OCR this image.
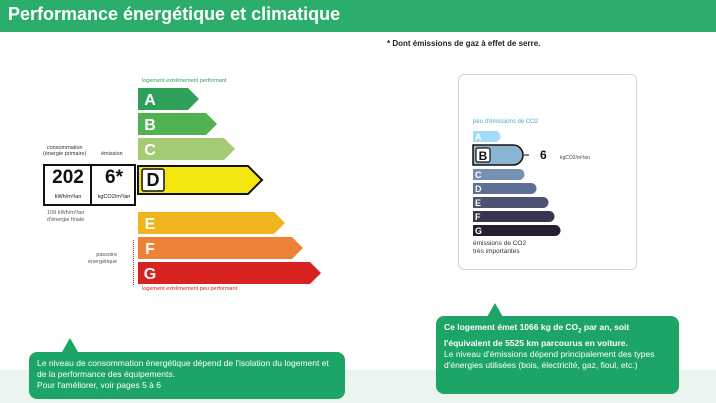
Performance énergétique et climatique
* Dont émissions de gaz à effet de serre.
logement extrêmement performant
A
B
C
D
E
F
G
consommation
(énergie primaire)	émission
202	6*
kWh/m²/an	kgCO2/m²/an
109 kWh/m²/an
d'énergie finale
passoire
énergétique
logement extrêmement peu performant
peu d'émissions de CO2
A
B
C
D
E
F
G
6	kgCO2/m²/an
émissions de CO2
très importantes
Le niveau de consommation énergétique dépend de l'isolation du logement et de la performance des équipements.
Pour l'améliorer, voir pages 5 à 6
Ce logement émet 1066 kg de $CO_2$ par an, soit l'équivalent de 5525 km parcourus en voiture.
Le niveau d'émissions dépend principalement des types d'énergies utilisées (bois, électricité, gaz, fioul, etc.)
